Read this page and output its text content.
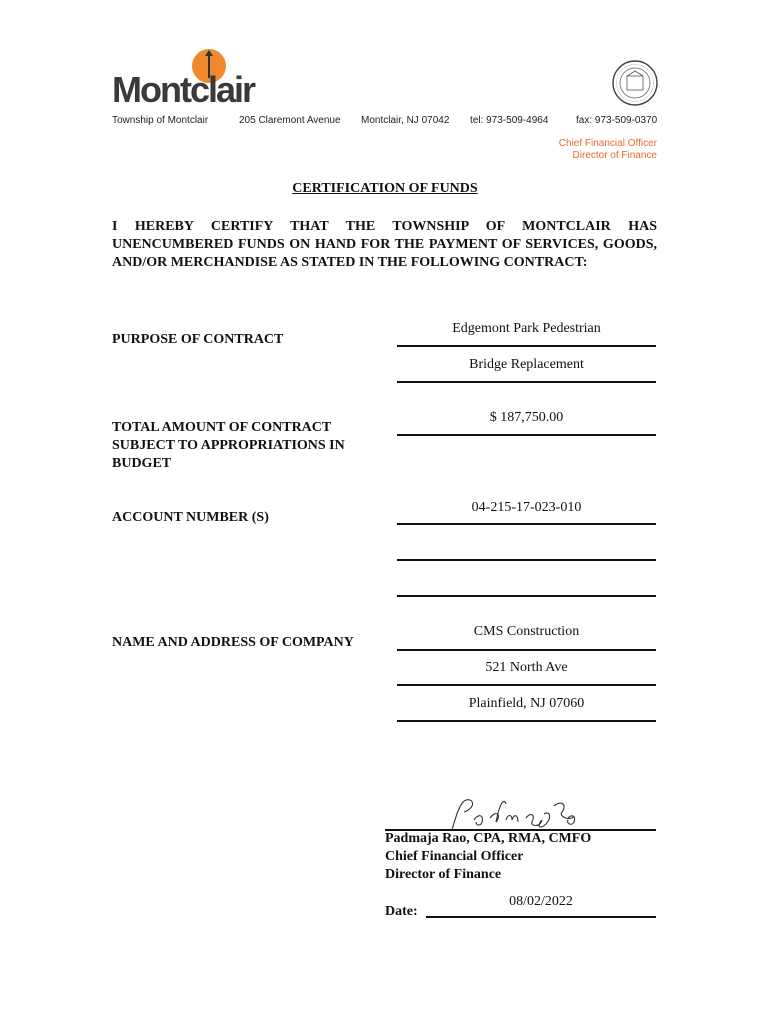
Montclair
Township of Montclair	205 Claremont Avenue Montclair, NJ 07042 tel: 973-509-4964	fax: 973-509-0370
Chief Financial Officer
Director of Finance
CERTIFICATION OF FUNDS
I HEREBY CERTIFY THAT THE TOWNSHIP OF MONTCLAIR HAS UNENCUMBERED FUNDS ON HAND FOR THE PAYMENT OF SERVICES, GOODS, AND/OR MERCHANDISE AS STATED IN THE FOLLOWING CONTRACT:
PURPOSE OF CONTRACT
Edgemont Park Pedestrian
Bridge Replacement
TOTAL AMOUNT OF CONTRACT SUBJECT TO APPROPRIATIONS IN BUDGET
$ 187,750.00
ACCOUNT NUMBER (S)
04-215-17-023-010
NAME AND ADDRESS OF COMPANY
CMS Construction
521 North Ave
Plainfield, NJ 07060
Padmaja Rao, CPA, RMA, CMFO
Chief Financial Officer
Director of Finance
Date:
08/02/2022
